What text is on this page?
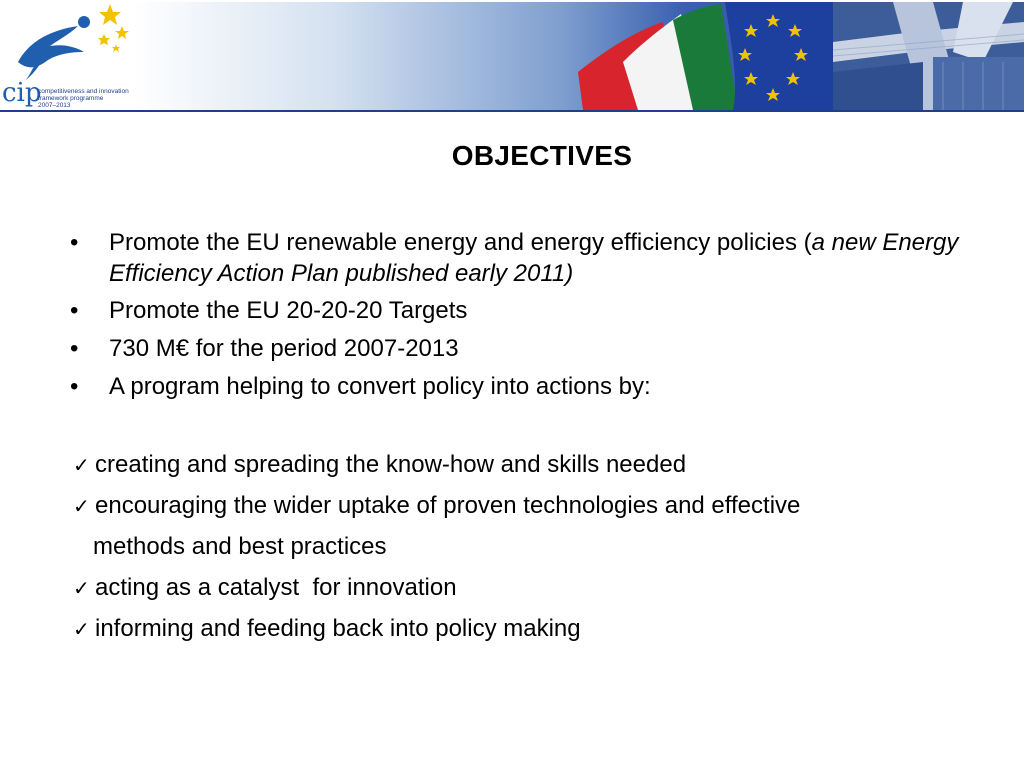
cip
competitiveness and innovation
framework programme
2007–2013
OBJECTIVES
•	Promote the EU renewable energy and energy efficiency policies (a new Energy Efficiency Action Plan published early 2011)
•	Promote the EU 20-20-20 Targets
•	730 M€ for the period 2007-2013
•	A program helping to convert policy into actions by:
✓ creating and spreading the know-how and skills needed
✓ encouraging the wider uptake of proven technologies and effective
methods and best practices
✓ acting as a catalyst  for innovation
✓ informing and feeding back into policy making
